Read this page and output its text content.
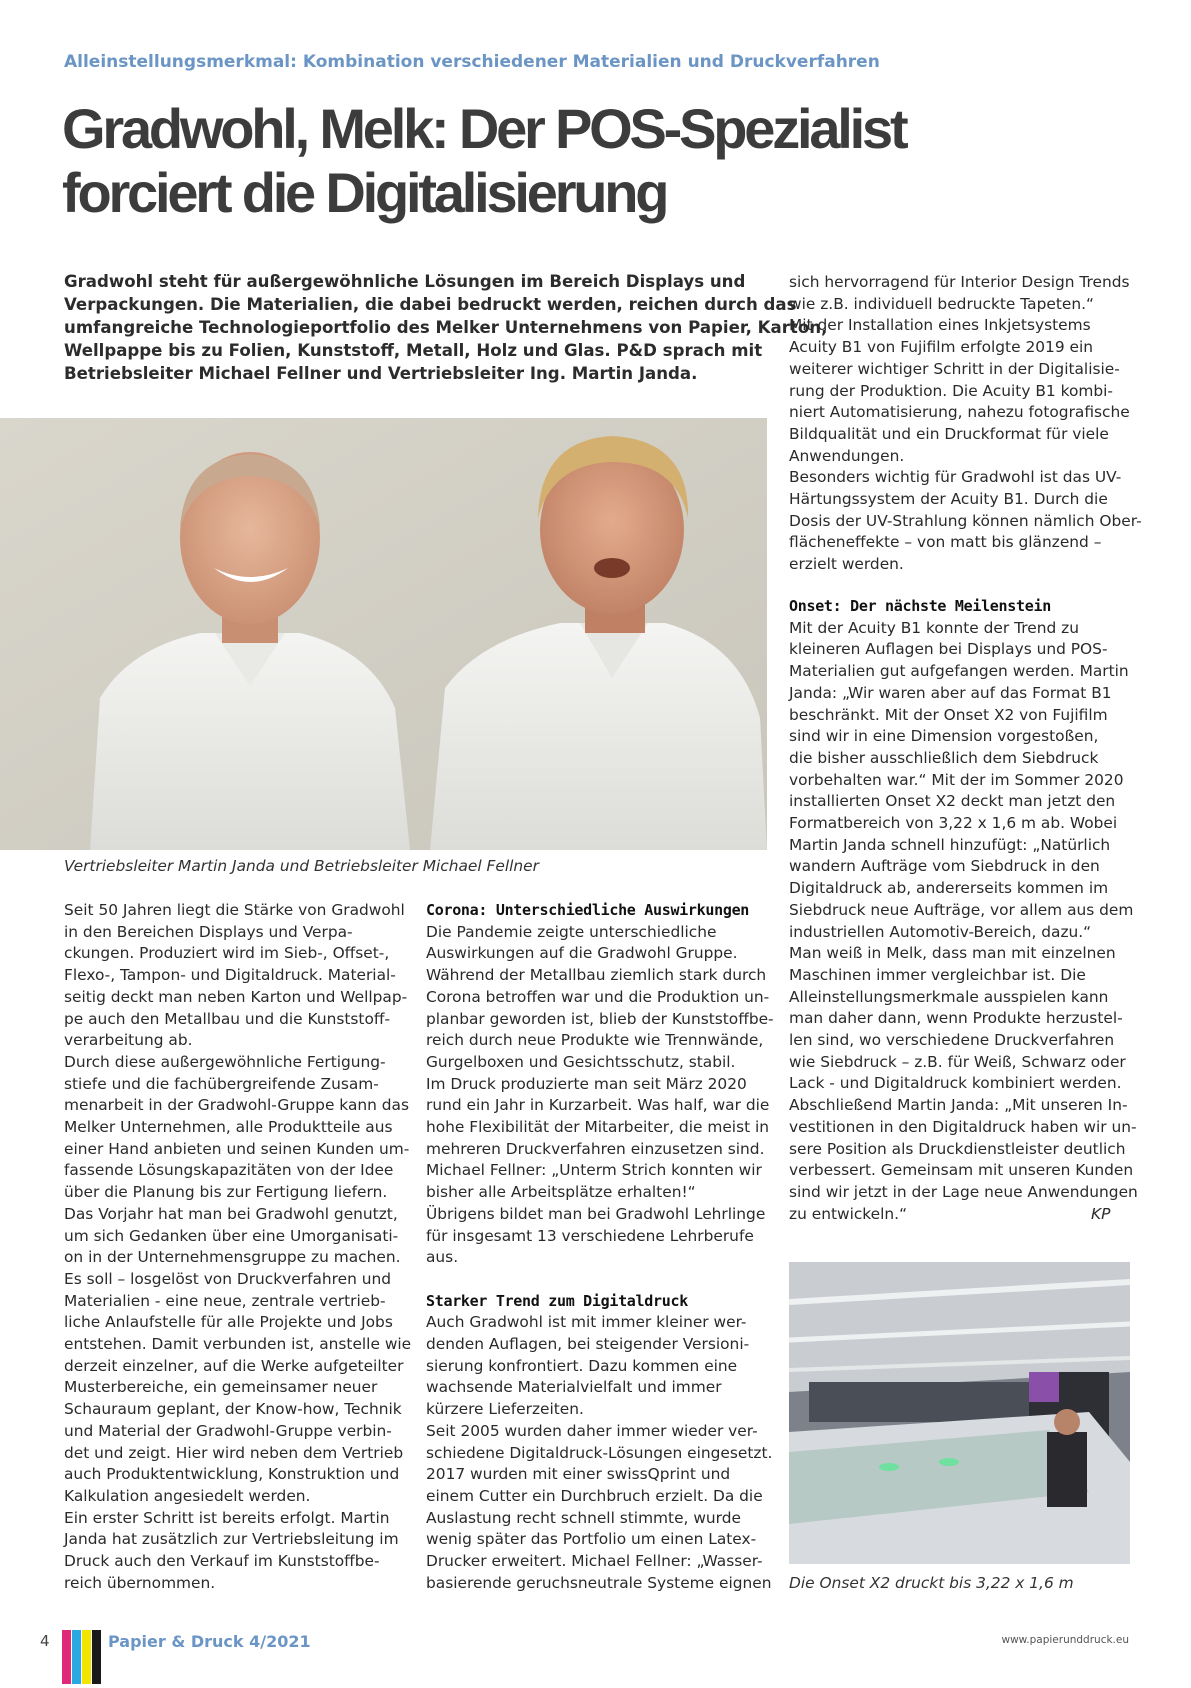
Alleinstellungsmerkmal: Kombination verschiedener Materialien und Druckverfahren
Gradwohl, Melk: Der POS-Spezialist
forciert die Digitalisierung
Gradwohl steht für außergewöhnliche Lösungen im Bereich Displays und
Verpackungen. Die Materialien, die dabei bedruckt werden, reichen durch das
umfangreiche Technologieportfolio des Melker Unternehmens von Papier, Karton,
Wellpappe bis zu Folien, Kunststoff, Metall, Holz und Glas. P&D sprach mit
Betriebsleiter Michael Fellner und Vertriebsleiter Ing. Martin Janda.
Vertriebsleiter Martin Janda und Betriebsleiter Michael Fellner
Seit 50 Jahren liegt die Stärke von Gradwohl
in den Bereichen Displays und Verpa-
ckungen. Produziert wird im Sieb-, Offset-,
Flexo-, Tampon- und Digitaldruck. Material-
seitig deckt man neben Karton und Wellpap-
pe auch den Metallbau und die Kunststoff-
verarbeitung ab.
Durch diese außergewöhnliche Fertigung-
stiefe und die fachübergreifende Zusam-
menarbeit in der Gradwohl-Gruppe kann das
Melker Unternehmen, alle Produktteile aus
einer Hand anbieten und seinen Kunden um-
fassende Lösungskapazitäten von der Idee
über die Planung bis zur Fertigung liefern.
Das Vorjahr hat man bei Gradwohl genutzt,
um sich Gedanken über eine Umorganisati-
on in der Unternehmensgruppe zu machen.
Es soll – losgelöst von Druckverfahren und
Materialien - eine neue, zentrale vertrieb-
liche Anlaufstelle für alle Projekte und Jobs
entstehen. Damit verbunden ist, anstelle wie
derzeit einzelner, auf die Werke aufgeteilter
Musterbereiche, ein gemeinsamer neuer
Schauraum geplant, der Know-how, Technik
und Material der Gradwohl-Gruppe verbin-
det und zeigt. Hier wird neben dem Vertrieb
auch Produktentwicklung, Konstruktion und
Kalkulation angesiedelt werden.
Ein erster Schritt ist bereits erfolgt. Martin
Janda hat zusätzlich zur Vertriebsleitung im
Druck auch den Verkauf im Kunststoffbe-
reich übernommen.
Corona: Unterschiedliche Auswirkungen
Die Pandemie zeigte unterschiedliche
Auswirkungen auf die Gradwohl Gruppe.
Während der Metallbau ziemlich stark durch
Corona betroffen war und die Produktion un-
planbar geworden ist, blieb der Kunststoffbe-
reich durch neue Produkte wie Trennwände,
Gurgelboxen und Gesichtsschutz, stabil.
Im Druck produzierte man seit März 2020
rund ein Jahr in Kurzarbeit. Was half, war die
hohe Flexibilität der Mitarbeiter, die meist in
mehreren Druckverfahren einzusetzen sind.
Michael Fellner: „Unterm Strich konnten wir
bisher alle Arbeitsplätze erhalten!“
Übrigens bildet man bei Gradwohl Lehrlinge
für insgesamt 13 verschiedene Lehrberufe
aus.
Starker Trend zum Digitaldruck
Auch Gradwohl ist mit immer kleiner wer-
denden Auflagen, bei steigender Versioni-
sierung konfrontiert. Dazu kommen eine
wachsende Materialvielfalt und immer
kürzere Lieferzeiten.
Seit 2005 wurden daher immer wieder ver-
schiedene Digitaldruck-Lösungen eingesetzt.
2017 wurden mit einer swissQprint und
einem Cutter ein Durchbruch erzielt. Da die
Auslastung recht schnell stimmte, wurde
wenig später das Portfolio um einen Latex-
Drucker erweitert. Michael Fellner: „Wasser-
basierende geruchsneutrale Systeme eignen
sich hervorragend für Interior Design Trends
wie z.B. individuell bedruckte Tapeten.“
Mit der Installation eines Inkjetsystems
Acuity B1 von Fujifilm erfolgte 2019 ein
weiterer wichtiger Schritt in der Digitalisie-
rung der Produktion. Die Acuity B1 kombi-
niert Automatisierung, nahezu fotografische
Bildqualität und ein Druckformat für viele
Anwendungen.
Besonders wichtig für Gradwohl ist das UV-
Härtungssystem der Acuity B1. Durch die
Dosis der UV-Strahlung können nämlich Ober-
flächeneffekte – von matt bis glänzend –
erzielt werden.
Onset: Der nächste Meilenstein
Mit der Acuity B1 konnte der Trend zu
kleineren Auflagen bei Displays und POS-
Materialien gut aufgefangen werden. Martin
Janda: „Wir waren aber auf das Format B1
beschränkt. Mit der Onset X2 von Fujifilm
sind wir in eine Dimension vorgestoßen,
die bisher ausschließlich dem Siebdruck
vorbehalten war.“ Mit der im Sommer 2020
installierten Onset X2 deckt man jetzt den
Formatbereich von 3,22 x 1,6 m ab. Wobei
Martin Janda schnell hinzufügt: „Natürlich
wandern Aufträge vom Siebdruck in den
Digitaldruck ab, andererseits kommen im
Siebdruck neue Aufträge, vor allem aus dem
industriellen Automotiv-Bereich, dazu.“
Man weiß in Melk, dass man mit einzelnen
Maschinen immer vergleichbar ist. Die
Alleinstellungsmerkmale ausspielen kann
man daher dann, wenn Produkte herzustel-
len sind, wo verschiedene Druckverfahren
wie Siebdruck – z.B. für Weiß, Schwarz oder
Lack - und Digitaldruck kombiniert werden.
Abschließend Martin Janda: „Mit unseren In-
vestitionen in den Digitaldruck haben wir un-
sere Position als Druckdienstleister deutlich
verbessert. Gemeinsam mit unseren Kunden
sind wir jetzt in der Lage neue Anwendungen
zu entwickeln.“	KP
Die Onset X2 druckt bis 3,22 x 1,6 m
4	Papier & Druck 4/2021	www.papierunddruck.eu
